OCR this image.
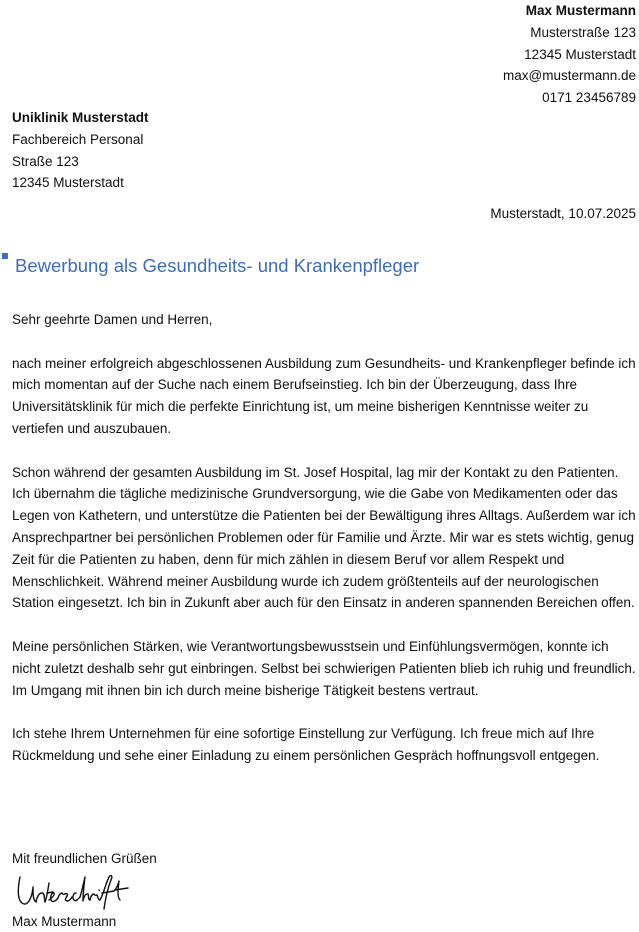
Max Mustermann
Musterstraße 123
12345 Musterstadt
max@mustermann.de
0171 23456789
Uniklinik Musterstadt
Fachbereich Personal
Straße 123
12345 Musterstadt
Musterstadt, 10.07.2025
Bewerbung als Gesundheits- und Krankenpfleger

Sehr geehrte Damen und Herren,

nach meiner erfolgreich abgeschlossenen Ausbildung zum Gesundheits- und Krankenpfleger befinde ich mich momentan auf der Suche nach einem Berufseinstieg. Ich bin der Überzeugung, dass Ihre Universitätsklinik für mich die perfekte Einrichtung ist, um meine bisherigen Kenntnisse weiter zu vertiefen und auszubauen.

Schon während der gesamten Ausbildung im St. Josef Hospital, lag mir der Kontakt zu den Patienten. Ich übernahm die tägliche medizinische Grundversorgung, wie die Gabe von Medikamenten oder das Legen von Kathetern, und unterstütze die Patienten bei der Bewältigung ihres Alltags. Außerdem war ich Ansprechpartner bei persönlichen Problemen oder für Familie und Ärzte. Mir war es stets wichtig, genug Zeit für die Patienten zu haben, denn für mich zählen in diesem Beruf vor allem Respekt und Menschlichkeit. Während meiner Ausbildung wurde ich zudem größtenteils auf der neurologischen Station eingesetzt. Ich bin in Zukunft aber auch für den Einsatz in anderen spannenden Bereichen offen.

Meine persönlichen Stärken, wie Verantwortungsbewusstsein und Einfühlungsvermögen, konnte ich nicht zuletzt deshalb sehr gut einbringen. Selbst bei schwierigen Patienten blieb ich ruhig und freundlich. Im Umgang mit ihnen bin ich durch meine bisherige Tätigkeit bestens vertraut.

Ich stehe Ihrem Unternehmen für eine sofortige Einstellung zur Verfügung. Ich freue mich auf Ihre Rückmeldung und sehe einer Einladung zu einem persönlichen Gespräch hoffnungsvoll entgegen.

Mit freundlichen Grüßen
Max Mustermann
